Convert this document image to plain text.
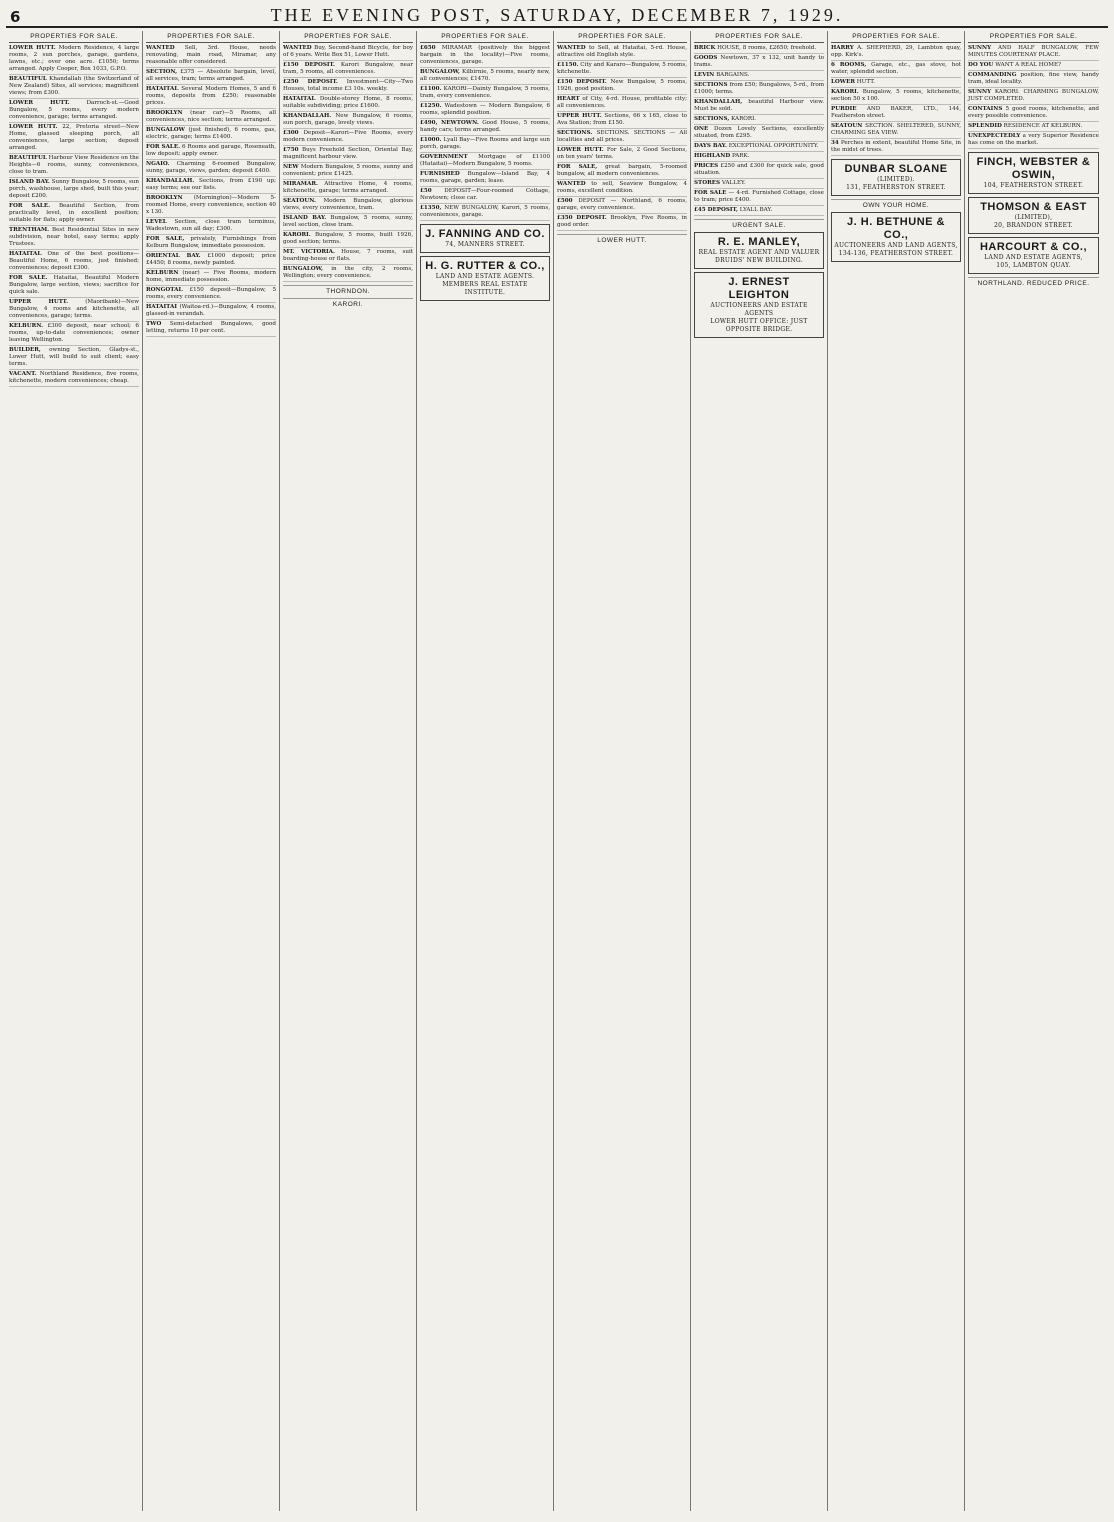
6	THE EVENING POST, SATURDAY, DECEMBER 7, 1929.
PROPERTIES FOR SALE.
LOWER HUTT. Modern Residence, 4 large rooms, 2 sun porches, garage, gardens, lawns, etc.; over one acre. £1050; terms arranged. Apply Cooper, Box 1033, G.P.O.
BEAUTIFUL Khandallah (the Switzerland of New Zealand) Sites, all services; magnificent views; from £300.
LOWER HUTT.	Darroch-st.—Good Bungalow, 5 rooms, every modern convenience, garage; terms arranged.
LOWER HUTT. 22, Pretoria street—New Home, glassed sleeping porch, all conveniences, large section; deposit arranged.
BEAUTIFUL Harbour View Residence on the Heights—6 rooms, sunny, conveniences, close to tram.
ISLAND BAY. Sunny Bungalow, 5 rooms, sun porch, washhouse, large shed, built this year; deposit £200.
FOR SALE. Beautiful Section, from practically level, in excellent position; suitable for flats; apply owner.
TRENTHAM. Best Residential Sites in new subdivision, near hotel, easy terms; apply Trustees.
HATAITAI. One of the best positions—Beautiful Home, 6 rooms, just finished; conveniences; deposit £300.
FOR SALE. Hataitai, Beautiful Modern Bungalow, large section, views; sacrifice for quick sale.
UPPER HUTT.	(Maoribank)—New Bungalow, 4 rooms and kitchenette, all conveniences, garage; terms.
KELBURN. £300 deposit, near school; 6 rooms, up-to-date conveniences; owner leaving Wellington.
BUILDER, owning Section, Gladys-st., Lower Hutt, will build to suit client; easy terms.
VACANT. Northland Residence, five rooms, kitchenette, modern conveniences; cheap.
PROPERTIES FOR SALE.
WANTED Sell, 3rd. House, needs renovating, main road, Miramar, any reasonable offer considered.
SECTION, £375 — Absolute bargain, level, all services, tram; terms arranged.
HATAITAI. Several Modern Homes, 5 and 6 rooms, deposits from £250; reasonable prices.
BROOKLYN (near car)—5 Rooms, all conveniences, nice section; terms arranged.
BUNGALOW (just finished), 6 rooms, gas, electric, garage; terms £1400.
FOR SALE. 6 Rooms and garage, Roseneath, low deposit; apply owner.
NGAIO. Charming 6-roomed Bungalow, sunny, garage, views, garden; deposit £400.
KHANDALLAH. Sections, from £190 up; easy terms; see our lists.
BROOKLYN (Mornington)—Modern 5-roomed Home, every convenience, section 40 x 130.
LEVEL Section, close tram terminus, Wadestown, sun all day; £300.
FOR SALE, privately, Furnishings from Kelburn Bungalow, immediate possession.
ORIENTAL BAY. £1000 deposit; price £4450; 8 rooms, newly painted.
KELBURN (near) — Five Rooms, modern home, immediate possession.
RONGOTAI. £150 deposit—Bungalow, 5 rooms, every convenience.
HATAITAI (Waitoa-rd.)—Bungalow, 4 rooms, glassed-in verandah.
TWO Semi-detached Bungalows, good letting, returns 10 per cent.
PROPERTIES FOR SALE.
WANTED Buy, Second-hand Bicycle, for boy of 6 years. Write Box 51, Lower Hutt.
£150 DEPOSIT. Karori Bungalow, near tram, 5 rooms, all conveniences.
£250 DEPOSIT. Investment—City—Two Houses, total income £3 10s. weekly.
HATAITAI. Double-storey Home, 8 rooms, suitable subdividing; price £1600.
KHANDALLAH. New Bungalow, 6 rooms, sun porch, garage, lovely views.
£300 Deposit—Karori—Five Rooms, every modern convenience.
£750 Buys Freehold Section, Oriental Bay, magnificent harbour view.
NEW Modern Bungalow, 5 rooms, sunny and convenient; price £1425.
MIRAMAR. Attractive Home, 4 rooms, kitchenette, garage; terms arranged.
SEATOUN. Modern Bungalow, glorious views, every convenience, tram.
ISLAND BAY. Bungalow, 5 rooms, sunny, level section, close tram.
KARORI. Bungalow, 5 rooms, built 1926, good section; terms.
MT. VICTORIA. House, 7 rooms, suit boarding-house or flats.
BUNGALOW, in the city, 2 rooms, Wellington; every convenience.
THORNDON.
KARORI.
PROPERTIES FOR SALE.
£650 MIRAMAR (positively the biggest bargain in the locality)—Five rooms, conveniences, garage.
BUNGALOW, Kilbirnie, 5 rooms, nearly new, all conveniences; £1470.
£1100. KARORI—Dainty Bungalow, 5 rooms, tram, every convenience.
£1250. Wadestown — Modern Bungalow, 6 rooms, splendid position.
£490, NEWTOWN. Good House, 5 rooms, handy cars; terms arranged.
£1000. Lyall Bay—Five Rooms and large sun porch, garage.
GOVERNMENT Mortgage of £1100 (Hataitai)—Modern Bungalow, 5 rooms.
FURNISHED Bungalow—Island Bay, 4 rooms, garage, garden; lease.
£50 DEPOSIT—Four-roomed Cottage, Newtown; close car.
£1350, NEW BUNGALOW, Karori, 5 rooms, conveniences, garage.
J. FANNING AND CO.
74, MANNERS STREET.
H. G. RUTTER & CO.,
LAND AND ESTATE AGENTS.
MEMBERS REAL ESTATE INSTITUTE.
PROPERTIES FOR SALE.
WANTED to Sell, at Hataitai, 5-rd. House, attractive old English style.
£1150. City and Kararo—Bungalow, 5 rooms, kitchenette.
£150 DEPOSIT. New Bungalow, 5 rooms, 1926, good position.
HEART of City, 4-rd. House, profitable city; all conveniences.
UPPER HUTT. Sections, 66 x 165, close to Ava Station; from £150.
SECTIONS. SECTIONS. SECTIONS — All localities and all prices.
LOWER HUTT. For Sale, 2 Good Sections, on ten years' terms.
FOR SALE, great bargain, 5-roomed bungalow, all modern conveniences.
WANTED to sell, Seaview Bungalow, 4 rooms, excellent condition.
£500 DEPOSIT — Northland, 6 rooms, garage, every convenience.
£350 DEPOSIT. Brooklyn, Five Rooms, in good order.
LOWER HUTT.
PROPERTIES FOR SALE.
BRICK HOUSE, 8 rooms, £2650; freehold.
GOODS Newtown, 37 x 132, unit handy to trams.
LEVIN BARGAINS.
SECTIONS from £50; Bungalows, 5-rd., from £1000; terms.
KHANDALLAH, beautiful Harbour view. Must be sold.
SECTIONS, KARORI.
ONE Dozen Lovely Sections, excellently situated, from £295.
DAYS BAY. EXCEPTIONAL OPPORTUNITY.
HIGHLAND PARK.
PRICES £250 and £300 for quick sale, good situation.
STORES VALLEY.
FOR SALE — 4-rd. Furnished Cottage, close to tram; price £400.
£45 DEPOSIT, LYALL BAY.
URGENT SALE.
R. E. MANLEY,
REAL ESTATE AGENT AND VALUER
DRUIDS' NEW BUILDING.
J. ERNEST LEIGHTON
AUCTIONEERS AND ESTATE AGENTS
LOWER HUTT OFFICE: JUST OPPOSITE BRIDGE.
PROPERTIES FOR SALE.
HARRY A. SHEPHERD, 29, Lambton quay, opp. Kirk's.
6 ROOMS, Garage, etc., gas stove, hot water, splendid section.
LOWER HUTT.
KARORI. Bungalow, 5 rooms, kitchenette, section 50 x 100.
PURDIE AND BAKER, LTD., 144, Featherston street.
SEATOUN SECTION. SHELTERED, SUNNY, CHARMING SEA VIEW.
34 Perches in extent, beautiful Home Site, in the midst of trees.
DUNBAR SLOANE
(LIMITED).
131, FEATHERSTON STREET.
OWN YOUR HOME.
J. H. BETHUNE & CO.,
AUCTIONEERS AND LAND AGENTS,
134-136, FEATHERSTON STREET.
PROPERTIES FOR SALE.
SUNNY AND HALF BUNGALOW, FEW MINUTES COURTENAY PLACE.
DO YOU WANT A REAL HOME?
COMMANDING position, fine view, handy tram, ideal locality.
SUNNY KARORI. CHARMING BUNGALOW, JUST COMPLETED.
CONTAINS 5 good rooms, kitchenette, and every possible convenience.
SPLENDID RESIDENCE AT KELBURN.
UNEXPECTEDLY a very Superior Residence has come on the market.
FINCH, WEBSTER & OSWIN,
104, FEATHERSTON STREET.
THOMSON & EAST
(LIMITED),
20, BRANDON STREET.
HARCOURT & CO.,
LAND AND ESTATE AGENTS,
105, LAMBTON QUAY.
NORTHLAND. REDUCED PRICE.
